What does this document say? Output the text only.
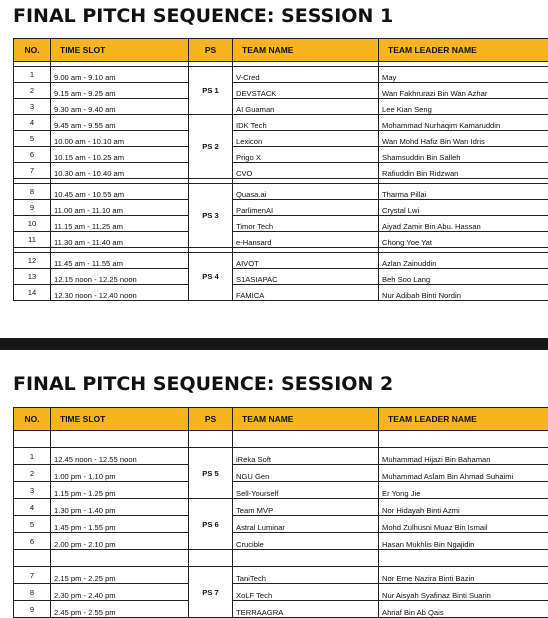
FINAL PITCH SEQUENCE: SESSION 1
NO.	TIME SLOT	PS	TEAM NAME	TEAM LEADER NAME

1	9.00 am - 9.10 am	PS 1	V-Cred	May
2	9.15 am - 9.25 am		DEVSTACK	Wan Fakhrurazi Bin Wan Azhar
3	9.30 am - 9.40 am		AI Guaman	Lee Kian Seng
4	9.45 am - 9.55 am	PS 2	IDK Tech	Mohammad Nurhaqim Kamaruddin
5	10.00 am - 10.10 am		Lexicon	Wan Mohd Hafiz Bin Wan Idris
6	10.15 am - 10.25 am		Prigo X	Shamsuddin Bin Salleh
7	10.30 am - 10.40 am		CVO	Rafiuddin Bin Ridzwan

8	10.45 am - 10.55 am	PS 3	Quasa.ai	Tharma Pillai
9	11.00 am - 11.10 am		ParlimenAI	Crystal Lwi
10	11.15 am - 11.25 am		Timor Tech	Aiyad Zamir Bin Abu. Hassan
11	11.30 am - 11.40 am		e-Hansard	Chong Yoe Yat

12	11.45 am - 11.55 am	PS 4	AIVOT	Azlan Zainuddin
13	12.15 noon - 12.25 noon		S1ASIAPAC	Beh Soo Lang
14	12.30 noon - 12.40 noon		FAMICA	Nur Adibah Binti Nordin
FINAL PITCH SEQUENCE: SESSION 2
NO.	TIME SLOT	PS	TEAM NAME	TEAM LEADER NAME

1	12.45 noon - 12.55 noon	PS 5	iReka Soft	Muhammad Hijazi Bin Bahaman
2	1.00 pm - 1.10 pm		NGU Gen	Muhammad Aslam Bin Ahmad Suhaimi
3	1.15 pm - 1.25 pm		Sell-Yourself	Er Yong Jie
4	1.30 pm - 1.40 pm	PS 6	Team MVP	Nor Hidayah Binti Azmi
5	1.45 pm - 1.55 pm		Astral Luminar	Mohd Zulhusni Muaz Bin Ismail
6	2.00 pm - 2.10 pm		Crucible	Hasan Mukhlis Bin Ngajidin

7	2.15 pm - 2.25 pm	PS 7	TaniTech	Nor Erne Nazira Binti Bazin
8	2.30 pm - 2.40 pm		XoLF Tech	Nur Aisyah Syafinaz Binti Suarin
9	2.45 pm - 2.55 pm		TERRAAGRA	Ahnaf Bin Ab Qais
